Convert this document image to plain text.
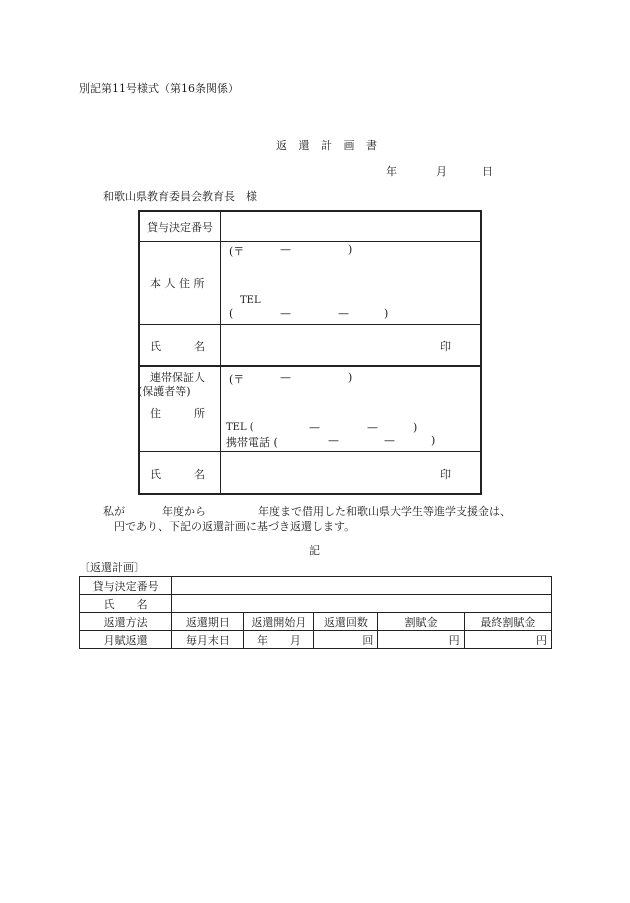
別記第11号様式（第16条関係）
返 還 計 画 書
年	月	日
和歌山県教育委員会教育長　様
貸与決定番号
本 人 住 所
(〒	—	)
TEL
(	—	—	)
氏　　　名	印
連帯保証人
(保護者等)
住　　　所
(〒	—	)
TEL (	—	—	)
携帯電話 (	—	—	)
氏　　　名	印
私が	年度から	年度まで借用した和歌山県大学生等進学支援金は、
円であり、下記の返還計画に基づき返還します。
記
〔返還計画〕
貸与決定番号					
氏　　名					
返還方法	返還期日	返還開始月	返還回数	割賦金	最終割賦金
月賦返還	毎月末日	年　　月	回	円	円
